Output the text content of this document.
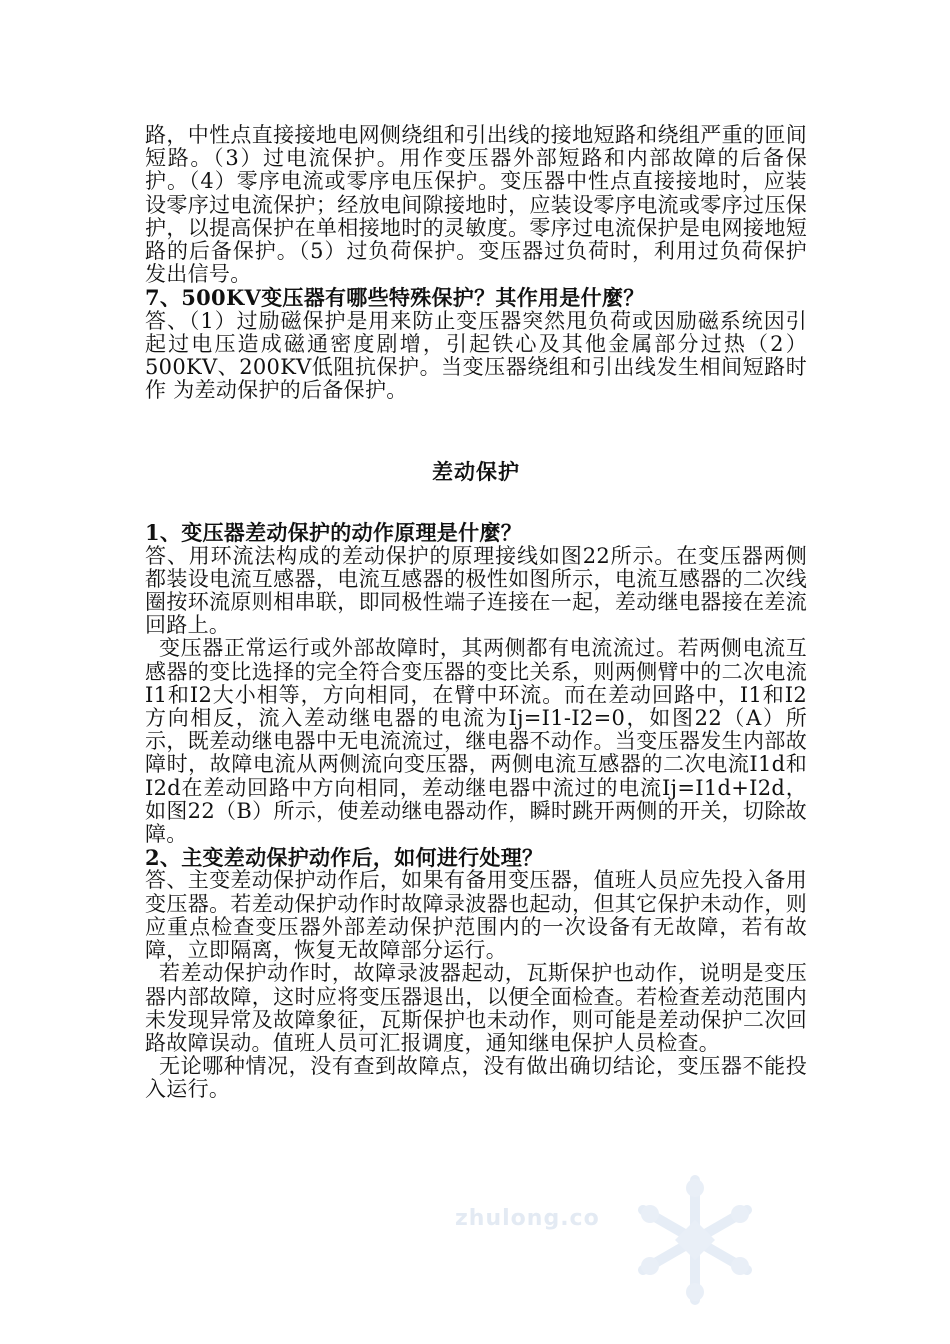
路，中性点直接接地电网侧绕组和引出线的接地短路和绕组严重的匝间短路。（3）过电流保护。用作变压器外部短路和内部故障的后备保护。（4）零序电流或零序电压保护。变压器中性点直接接地时，应装设零序过电流保护；经放电间隙接地时，应装设零序电流或零序过压保护，以提高保护在单相接地时的灵敏度。零序过电流保护是电网接地短路的后备保护。（5）过负荷保护。变压器过负荷时，利用过负荷保护发出信号。

7、500KV变压器有哪些特殊保护？其作用是什麼？

答、（1）过励磁保护是用来防止变压器突然甩负荷或因励磁系统因引起过电压造成磁通密度剧增，引起铁心及其他金属部分过热（2）500KV、200KV低阻抗保护。当变压器绕组和引出线发生相间短路时作 为差动保护的后备保护。

差动保护

1、变压器差动保护的动作原理是什麼？

答、用环流法构成的差动保护的原理接线如图22所示。在变压器两侧都装设电流互感器，电流互感器的极性如图所示，电流互感器的二次线圈按环流原则相串联，即同极性端子连接在一起，差动继电器接在差流回路上。

变压器正常运行或外部故障时，其两侧都有电流流过。若两侧电流互感器的变比选择的完全符合变压器的变比关系，则两侧臂中的二次电流I1和I2大小相等，方向相同，在臂中环流。而在差动回路中，I1和I2方向相反，流入差动继电器的电流为Ij=I1-I2=0，如图22（A）所示，既差动继电器中无电流流过，继电器不动作。当变压器发生内部故障时，故障电流从两侧流向变压器，两侧电流互感器的二次电流I1d和I2d在差动回路中方向相同，差动继电器中流过的电流Ij=I1d+I2d，如图22（B）所示，使差动继电器动作，瞬时跳开两侧的开关，切除故障。

2、主变差动保护动作后，如何进行处理？

答、主变差动保护动作后，如果有备用变压器，值班人员应先投入备用变压器。若差动保护动作时故障录波器也起动，但其它保护未动作，则应重点检查变压器外部差动保护范围内的一次设备有无故障，若有故障，立即隔离，恢复无故障部分运行。

若差动保护动作时，故障录波器起动，瓦斯保护也动作，说明是变压器内部故障，这时应将变压器退出，以便全面检查。若检查差动范围内未发现异常及故障象征，瓦斯保护也未动作，则可能是差动保护二次回路故障误动。值班人员可汇报调度，通知继电保护人员检查。

无论哪种情况，没有查到故障点，没有做出确切结论，变压器不能投入运行。

zhulong.co
